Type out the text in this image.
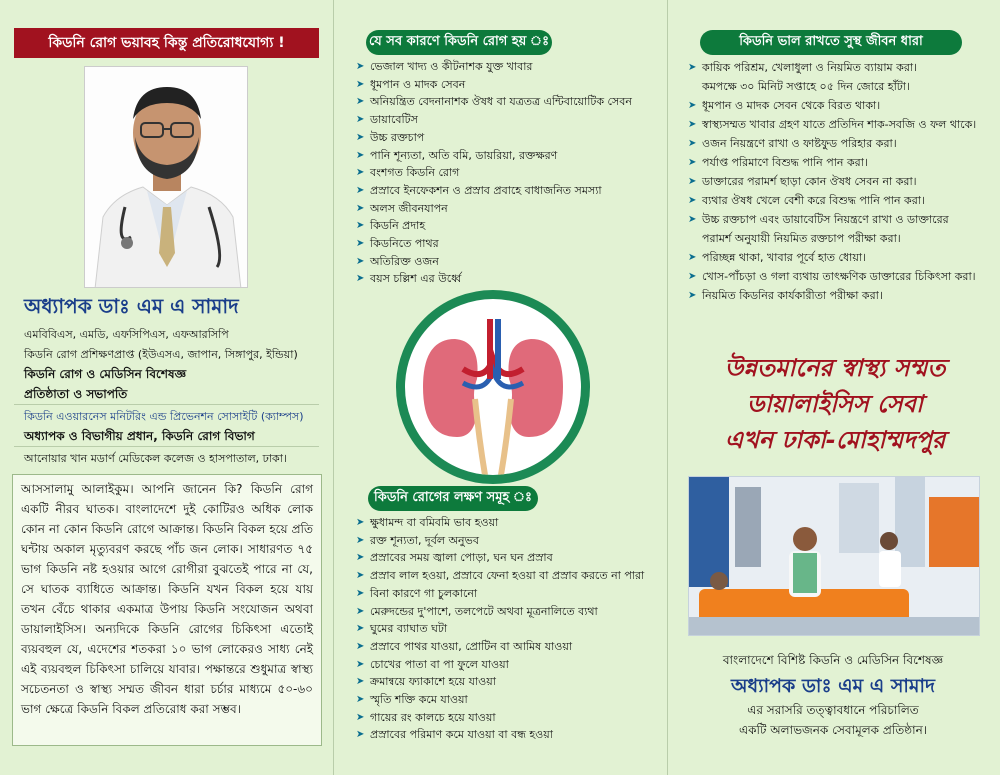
কিডনি রোগ ভয়াবহ কিন্তু প্রতিরোধযোগ্য !
অধ্যাপক ডাঃ এম এ সামাদ
এমবিবিএস, এমডি, এফসিপিএস, এফআরসিপি
কিডনি রোগ প্রশিক্ষণপ্রাপ্ত (ইউএসএ, জাপান, সিঙ্গাপুর, ইন্ডিয়া)
কিডনি রোগ ও মেডিসিন বিশেষজ্ঞ
প্রতিষ্ঠাতা ও সভাপতি
কিডনি এওয়ারনেস মনিটরিং এন্ড প্রিভেনশন সোসাইটি (ক্যাম্পস)
অধ্যাপক ও বিভাগীয় প্রধান, কিডনি রোগ বিভাগ
আনোয়ার খান মডার্ণ মেডিকেল কলেজ ও হাসপাতাল, ঢাকা।
আসসালামু আলাইকুম। আপনি জানেন কি? কিডনি রোগ একটি নীরব ঘাতক। বাংলাদেশে দুই কোটিরও অধিক লোক কোন না কোন কিডনি রোগে আক্রান্ত। কিডনি বিকল হয়ে প্রতি ঘন্টায় অকাল মৃত্যুবরণ করছে পাঁচ জন লোক। সাধারণত ৭৫ ভাগ কিডনি নষ্ট হওয়ার আগে রোগীরা বুঝতেই পারে না যে, সে ঘাতক ব্যাধিতে আক্রান্ত। কিডনি যখন বিকল হয়ে যায় তখন বেঁচে থাকার একমাত্র উপায় কিডনি সংযোজন অথবা ডায়ালাইসিস। অন্যদিকে কিডনি রোগের চিকিৎসা এতোই ব্যয়বহুল যে, এদেশের শতকরা ১০ ভাগ লোকেরও সাধ্য নেই এই ব্যয়বহুল চিকিৎসা চালিয়ে যাবার। পক্ষান্তরে শুধুমাত্র স্বাস্থ্য সচেতনতা ও স্বাস্থ্য সম্মত জীবন ধারা চর্চার মাধ্যমে ৫০-৬০ ভাগ ক্ষেত্রে কিডনি বিকল প্রতিরোধ করা সম্ভব।
যে সব কারণে কিডনি রোগ হয় ঃ
➤ ভেজাল খাদ্য ও কীটনাশক যুক্ত খাবার
➤ ধূমপান ও মাদক সেবন
➤ অনিয়ন্ত্রিত বেদনানাশক ঔষধ বা যত্রতত্র এন্টিবায়োটিক সেবন
➤ ডায়াবেটিস
➤ উচ্চ রক্তচাপ
➤ পানি শূন্যতা, অতি বমি, ডায়রিয়া, রক্তক্ষরণ
➤ বংশগত কিডনি রোগ
➤ প্রস্রাবে ইনফেকশন ও প্রস্রাব প্রবাহে বাধাজনিত সমস্যা
➤ অলস জীবনযাপন
➤ কিডনি প্রদাহ
➤ কিডনিতে পাথর
➤ অতিরিক্ত ওজন
➤ বয়স চল্লিশ এর উর্ধ্বে
কিডনি রোগের লক্ষণ সমূহ ঃ
➤ ক্ষুধামন্দ বা বমিবমি ভাব হওয়া
➤ রক্ত শূন্যতা, দূর্বল অনুভব
➤ প্রস্রাবের সময় জ্বালা পোড়া, ঘন ঘন প্রস্রাব
➤ প্রস্রাব লাল হওয়া, প্রস্রাবে ফেনা হওয়া বা প্রস্রাব করতে না পারা
➤ বিনা কারণে গা চুলকানো
➤ মেরুদন্ডের দু'পাশে, তলপেটে অথবা মূত্রনালিতে ব্যথা
➤ ঘুমের ব্যাঘাত ঘটা
➤ প্রস্রাবে পাথর যাওয়া, প্রোটিন বা আমিষ যাওয়া
➤ চোখের পাতা বা পা ফুলে যাওয়া
➤ ক্রমান্বয়ে ফ্যাকাশে হয়ে যাওয়া
➤ স্মৃতি শক্তি কমে যাওয়া
➤ গায়ের রং কালচে হয়ে যাওয়া
➤ প্রস্রাবের পরিমাণ কমে যাওয়া বা বন্ধ হওয়া
কিডনি ভাল রাখতে সুস্থ জীবন ধারা
➤ কায়িক পরিশ্রম, খেলাধুলা ও নিয়মিত ব্যায়াম করা।
কমপক্ষে ৩০ মিনিট সপ্তাহে ০৫ দিন জোরে হাঁটা।
➤ ধূমপান ও মাদক সেবন থেকে বিরত থাকা।
➤ স্বাস্থ্যসম্মত খাবার গ্রহণ যাতে প্রতিদিন শাক-সবজি ও ফল থাকে।
➤ ওজন নিয়ন্ত্রণে রাখা ও ফাষ্টফুড পরিহার করা।
➤ পর্যাপ্ত পরিমাণে বিশুদ্ধ পানি পান করা।
➤ ডাক্তারের পরামর্শ ছাড়া কোন ঔষধ সেবন না করা।
➤ ব্যথার ঔষধ খেলে বেশী করে বিশুদ্ধ পানি পান করা।
➤ উচ্চ রক্তচাপ এবং ডায়াবেটিস নিয়ন্ত্রণে রাখা ও ডাক্তারের
পরামর্শ অনুযায়ী নিয়মিত রক্তচাপ পরীক্ষা করা।
➤ পরিচ্ছন্ন থাকা, খাবার পূর্বে হাত ধোয়া।
➤ খোস-পাঁচড়া ও গলা ব্যথায় তাৎক্ষণিক ডাক্তারের চিকিৎসা করা।
➤ নিয়মিত কিডনির কার্যকারীতা পরীক্ষা করা।
উন্নতমানের স্বাস্থ্য সম্মত
ডায়ালাইসিস সেবা
এখন ঢাকা-মোহাম্মদপুর
বাংলাদেশে বিশিষ্ট কিডনি ও মেডিসিন বিশেষজ্ঞ
অধ্যাপক ডাঃ এম এ সামাদ
এর সরাসরি তত্ত্বাবধানে পরিচালিত
একটি অলাভজনক সেবামূলক প্রতিষ্ঠান।
